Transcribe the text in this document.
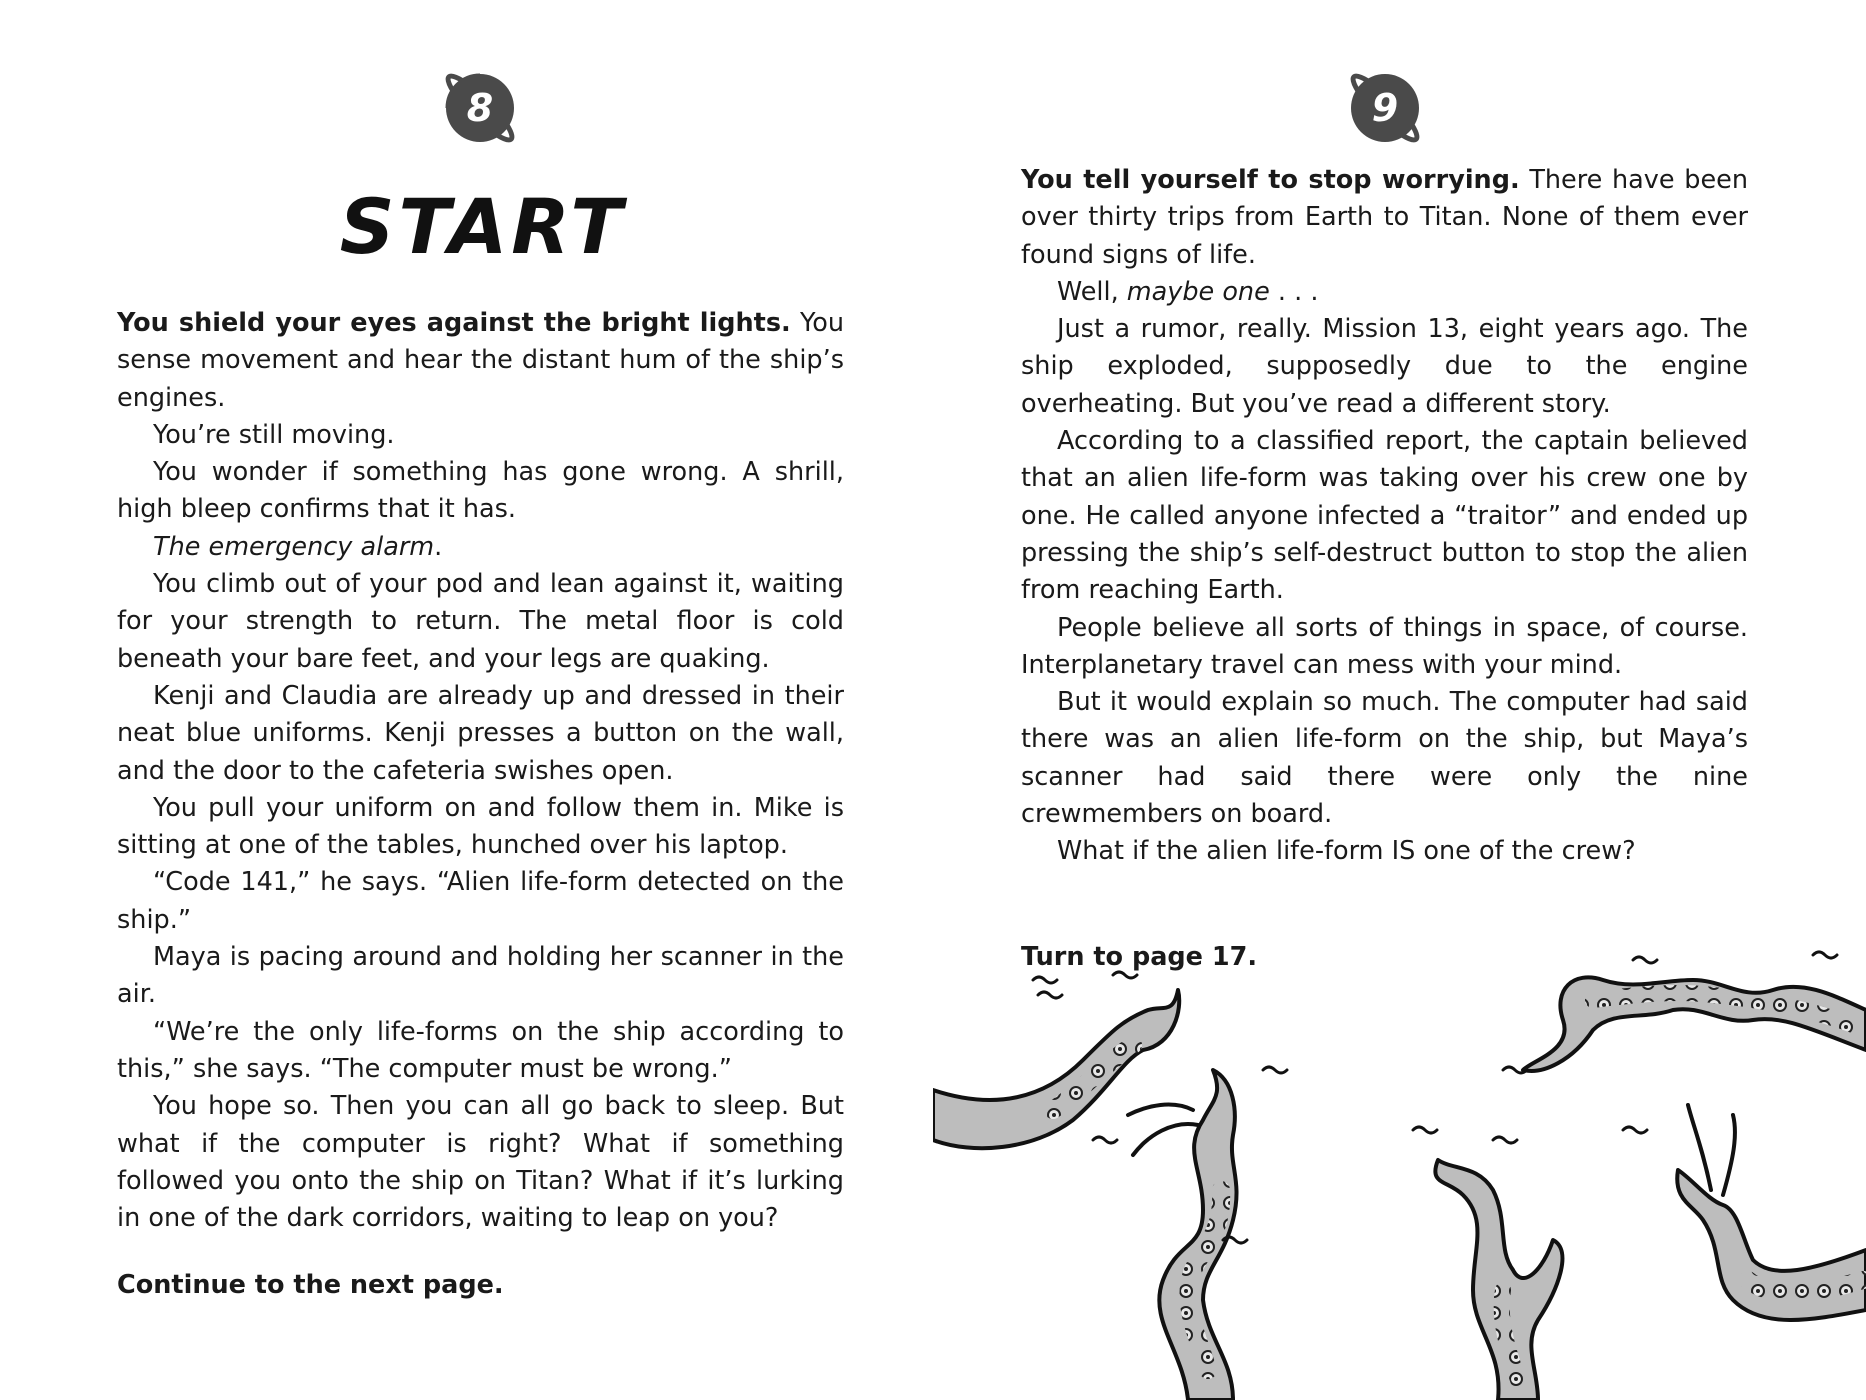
8
START

You shield your eyes against the bright lights. You sense movement and hear the distant hum of the ship’s engines.

You’re still moving.

You wonder if something has gone wrong. A shrill, high bleep confirms that it has.

The emergency alarm.

You climb out of your pod and lean against it, waiting for your strength to return. The metal floor is cold beneath your bare feet, and your legs are quaking.

Kenji and Claudia are already up and dressed in their neat blue uniforms. Kenji presses a button on the wall, and the door to the cafeteria swishes open.

You pull your uniform on and follow them in. Mike is sitting at one of the tables, hunched over his laptop.

“Code 141,” he says. “Alien life-form detected on the ship.”

Maya is pacing around and holding her scanner in the air.

“We’re the only life-forms on the ship according to this,” she says. “The computer must be wrong.”

You hope so. Then you can all go back to sleep. But what if the computer is right? What if something followed you onto the ship on Titan? What if it’s lurking in one of the dark corridors, waiting to leap on you?

Continue to the next page.
9

You tell yourself to stop worrying. There have been over thirty trips from Earth to Titan. None of them ever found signs of life.

Well, maybe one . . .

Just a rumor, really. Mission 13, eight years ago. The ship exploded, supposedly due to the engine overheating. But you’ve read a different story.

According to a classified report, the captain believed that an alien life-form was taking over his crew one by one. He called anyone infected a “traitor” and ended up pressing the ship’s self-destruct button to stop the alien from reaching Earth.

People believe all sorts of things in space, of course. Interplanetary travel can mess with your mind.

But it would explain so much. The computer had said there was an alien life-form on the ship, but Maya’s scanner had said there were only the nine crewmembers on board.

What if the alien life-form IS one of the crew?

Turn to page 17.
